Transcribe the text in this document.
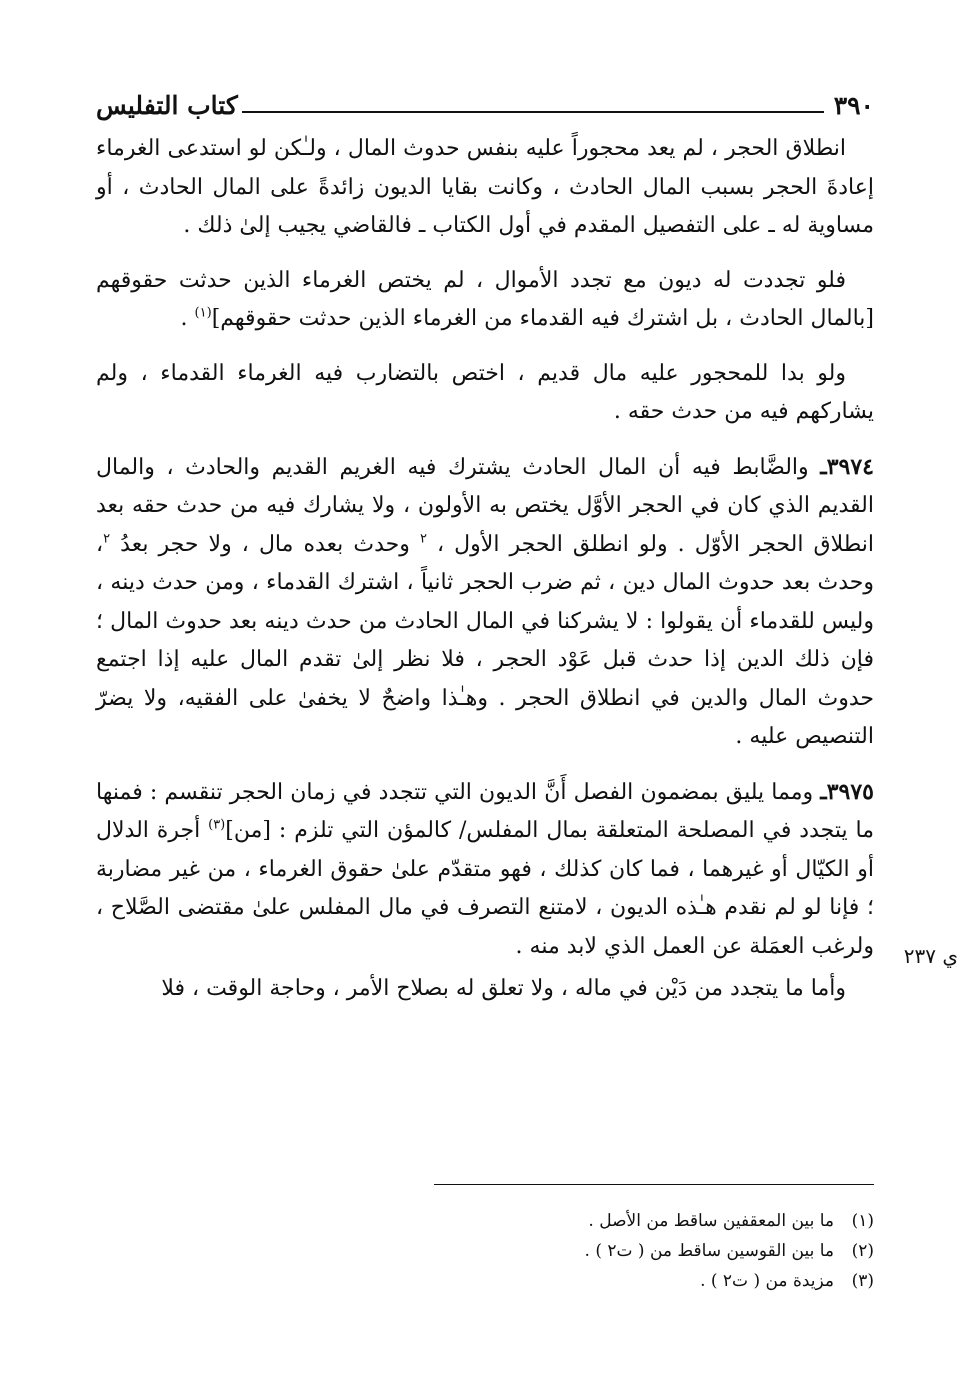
٣٩٠
كتاب التفليس
ي ٢٣٧

انطلاق الحجر ، لم يعد محجوراً عليه بنفس حدوث المال ، ولـٰكن لو استدعى الغرماء إعادةَ الحجر بسبب المال الحادث ، وكانت بقايا الديون زائدةً على المال الحادث ، أو مساوية له ـ على التفصيل المقدم في أول الكتاب ـ فالقاضي يجيب إلىٰ ذلك .

فلو تجددت له ديون مع تجدد الأموال ، لم يختص الغرماء الذين حدثت حقوقهم [بالمال الحادث ، بل اشترك فيه القدماء من الغرماء الذين حدثت حقوقهم]$^{(١)}$ .

ولو بدا للمحجور عليه مال قديم ، اختص بالتضارب فيه الغرماء القدماء ، ولم يشاركهم فيه من حدث حقه .

٣٩٧٤ـ والضَّابط فيه أن المال الحادث يشترك فيه الغريم القديم والحادث ، والمال القديم الذي كان في الحجر الأوَّل يختص به الأولون ، ولا يشارك فيه من حدث حقه بعد انطلاق الحجر الأوّل . ولو انطلق الحجر الأول ، $^٢$ وحدث بعده مال ، ولا حجر بعدُ $^٢$، وحدث بعد حدوث المال دين ، ثم ضرب الحجر ثانياً ، اشترك القدماء ، ومن حدث دينه ، وليس للقدماء أن يقولوا : لا يشركنا في المال الحادث من حدث دينه بعد حدوث المال ؛ فإن ذلك الدين إذا حدث قبل عَوْد الحجر ، فلا نظر إلىٰ تقدم المال عليه إذا اجتمع حدوث المال والدين في انطلاق الحجر . وهـٰذا واضحٌ لا يخفىٰ على الفقيه، ولا يضرّ التنصيص عليه .

٣٩٧٥ـ ومما يليق بمضمون الفصل أَنَّ الديون التي تتجدد في زمان الحجر تنقسم : فمنها ما يتجدد في المصلحة المتعلقة بمال المفلس/ كالمؤن التي تلزم : [من]$^{(٣)}$ أجرة الدلال أو الكيّال أو غيرهما ، فما كان كذلك ، فهو متقدّم علىٰ حقوق الغرماء ، من غير مضاربة ؛ فإنا لو لم نقدم هـٰذه الديون ، لامتنع التصرف في مال المفلس علىٰ مقتضى الصَّلاح ، ولرغب العمَلة عن العمل الذي لابد منه .

وأما ما يتجدد من دَيْن في ماله ، ولا تعلق له بصلاح الأمر ، وحاجة الوقت ، فلا

(١)ما بين المعقفين ساقط من الأصل .
(٢)ما بين القوسين ساقط من ( ت٢ ) .
(٣)مزيدة من ( ت٢ ) .
